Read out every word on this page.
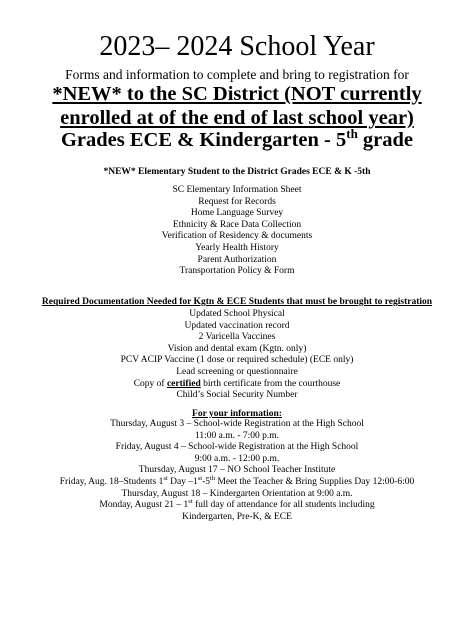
2023– 2024 School Year
Forms and information to complete and bring to registration for
*NEW* to the SC District (NOT currently
enrolled at of the end of last school year)
Grades ECE & Kindergarten - 5th grade
*NEW* Elementary Student to the District Grades ECE & K -5th
SC Elementary Information Sheet
Request for Records
Home Language Survey
Ethnicity & Race Data Collection
Verification of Residency & documents
Yearly Health History
Parent Authorization
Transportation Policy & Form
Required Documentation Needed for Kgtn & ECE Students that must be brought to registration
Updated School Physical
Updated vaccination record
2 Varicella Vaccines
Vision and dental exam (Kgtn. only)
PCV ACIP Vaccine (1 dose or required schedule) (ECE only)
Lead screening or questionnaire
Copy of certified birth certificate from the courthouse
Child’s Social Security Number
For your information:
Thursday, August 3 – School-wide Registration at the High School
11:00 a.m. - 7:00 p.m.
Friday, August 4 – School-wide Registration at the High School
9:00 a.m. - 12:00 p.m.
Thursday, August 17 – NO School Teacher Institute
Friday, Aug. 18–Students 1st Day –1st-5th Meet the Teacher & Bring Supplies Day 12:00-6:00
Thursday, August 18 – Kindergarten Orientation at 9:00 a.m.
Monday, August 21 – 1st full day of attendance for all students including
Kindergarten, Pre-K, & ECE
